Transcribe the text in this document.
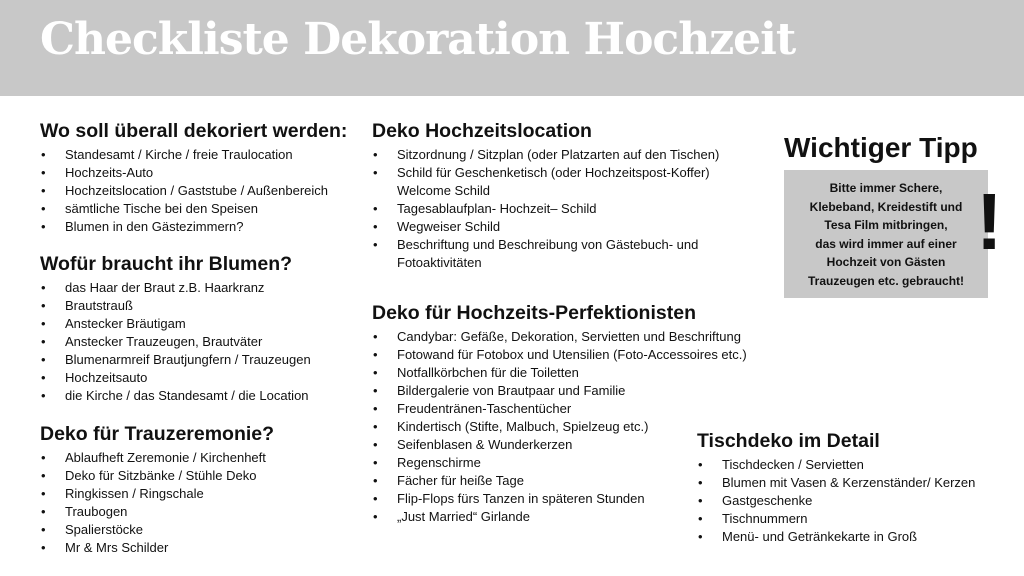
Checkliste Dekoration Hochzeit
Wo soll überall dekoriert werden:
• Standesamt / Kirche / freie Traulocation
• Hochzeits-Auto
• Hochzeitslocation / Gaststube / Außenbereich
• sämtliche Tische bei den Speisen
• Blumen in den Gästezimmern?
Wofür braucht ihr Blumen?
• das Haar der Braut z.B. Haarkranz
• Brautstrauß
• Anstecker Bräutigam
• Anstecker Trauzeugen, Brautväter
• Blumenarmreif Brautjungfern / Trauzeugen
• Hochzeitsauto
• die Kirche / das Standesamt / die Location
Deko für Trauzeremonie?
• Ablaufheft Zeremonie / Kirchenheft
• Deko für Sitzbänke / Stühle Deko
• Ringkissen / Ringschale
• Traubogen
• Spalierstöcke
• Mr & Mrs Schilder
Deko Hochzeitslocation
• Sitzordnung / Sitzplan (oder Platzarten auf den Tischen)
• Schild für Geschenketisch (oder Hochzeitspost-Koffer) Welcome Schild
• Tagesablaufplan- Hochzeit– Schild
• Wegweiser Schild
• Beschriftung und Beschreibung von Gästebuch- und Fotoaktivitäten
Deko für Hochzeits-Perfektionisten
• Candybar: Gefäße, Dekoration, Servietten und Beschriftung
• Fotowand für Fotobox und Utensilien (Foto-Accessoires etc.)
• Notfallkörbchen für die Toiletten
• Bildergalerie von Brautpaar und Familie
• Freudentränen-Taschentücher
• Kindertisch (Stifte, Malbuch, Spielzeug etc.)
• Seifenblasen & Wunderkerzen
• Regenschirme
• Fächer für heiße Tage
• Flip-Flops fürs Tanzen in späteren Stunden
• „Just Married“ Girlande
Tischdeko im Detail
• Tischdecken / Servietten
• Blumen mit Vasen & Kerzenständer/ Kerzen
• Gastgeschenke
• Tischnummern
• Menü- und Getränkekarte in Groß
Wichtiger Tipp
Bitte immer Schere,
Klebeband, Kreidestift und
Tesa Film mitbringen,
das wird immer auf einer
Hochzeit von Gästen
Trauzeugen etc. gebraucht!
!
